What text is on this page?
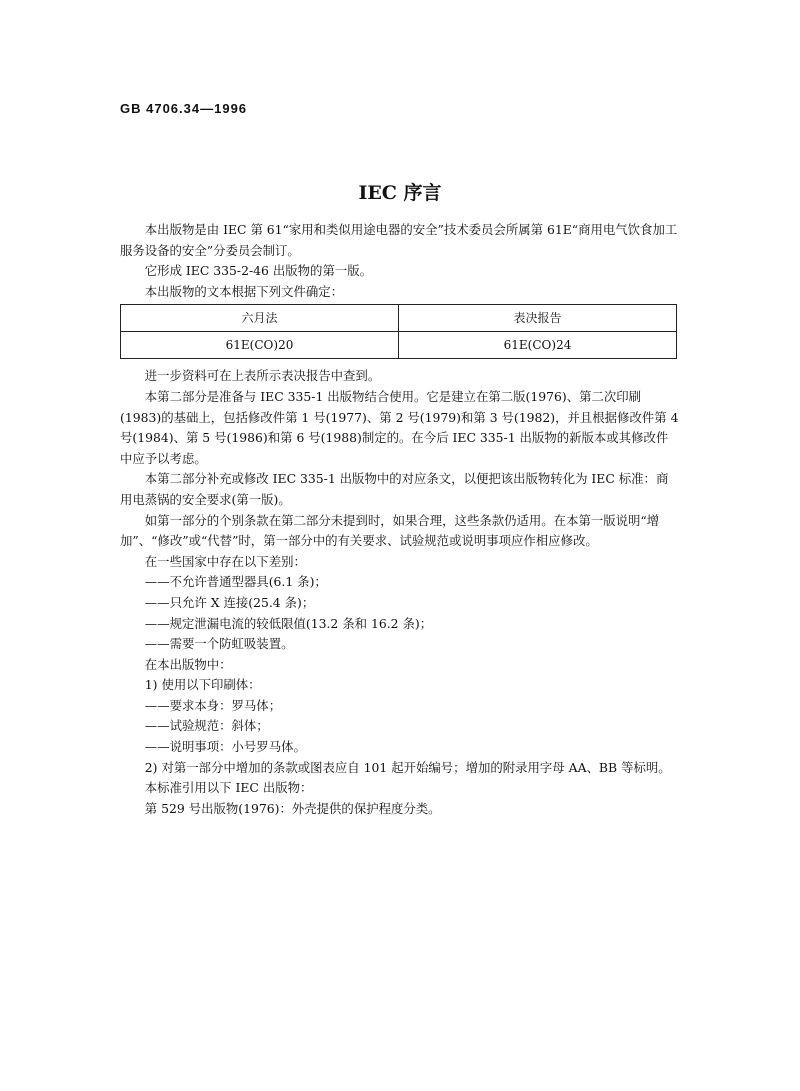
GB 4706.34—1996
IEC 序言

本出版物是由 IEC 第 61“家用和类似用途电器的安全”技术委员会所属第 61E“商用电气饮食加工服务设备的安全”分委员会制订。

它形成 IEC 335-2-46 出版物的第一版。

本出版物的文本根据下列文件确定：

六月法	表决报告
61E(CO)20	61E(CO)24

进一步资料可在上表所示表决报告中查到。

本第二部分是准备与 IEC 335-1 出版物结合使用。它是建立在第二版(1976)、第二次印刷(1983)的基础上，包括修改件第 1 号(1977)、第 2 号(1979)和第 3 号(1982)，并且根据修改件第 4 号(1984)、第 5 号(1986)和第 6 号(1988)制定的。在今后 IEC 335-1 出版物的新版本或其修改件中应予以考虑。

本第二部分补充或修改 IEC 335-1 出版物中的对应条文，以便把该出版物转化为 IEC 标准：商用电蒸锅的安全要求(第一版)。

如第一部分的个别条款在第二部分未提到时，如果合理，这些条款仍适用。在本第一版说明“增加”、“修改”或“代替”时，第一部分中的有关要求、试验规范或说明事项应作相应修改。

在一些国家中存在以下差别：

——不允许普通型器具(6.1 条)；

——只允许 X 连接(25.4 条)；

——规定泄漏电流的较低限值(13.2 条和 16.2 条)；

——需要一个防虹吸装置。

在本出版物中：

1) 使用以下印刷体：

——要求本身：罗马体；

——试验规范：斜体；

——说明事项：小号罗马体。

2) 对第一部分中增加的条款或图表应自 101 起开始编号；增加的附录用字母 AA、BB 等标明。

本标准引用以下 IEC 出版物：

第 529 号出版物(1976)：外壳提供的保护程度分类。
